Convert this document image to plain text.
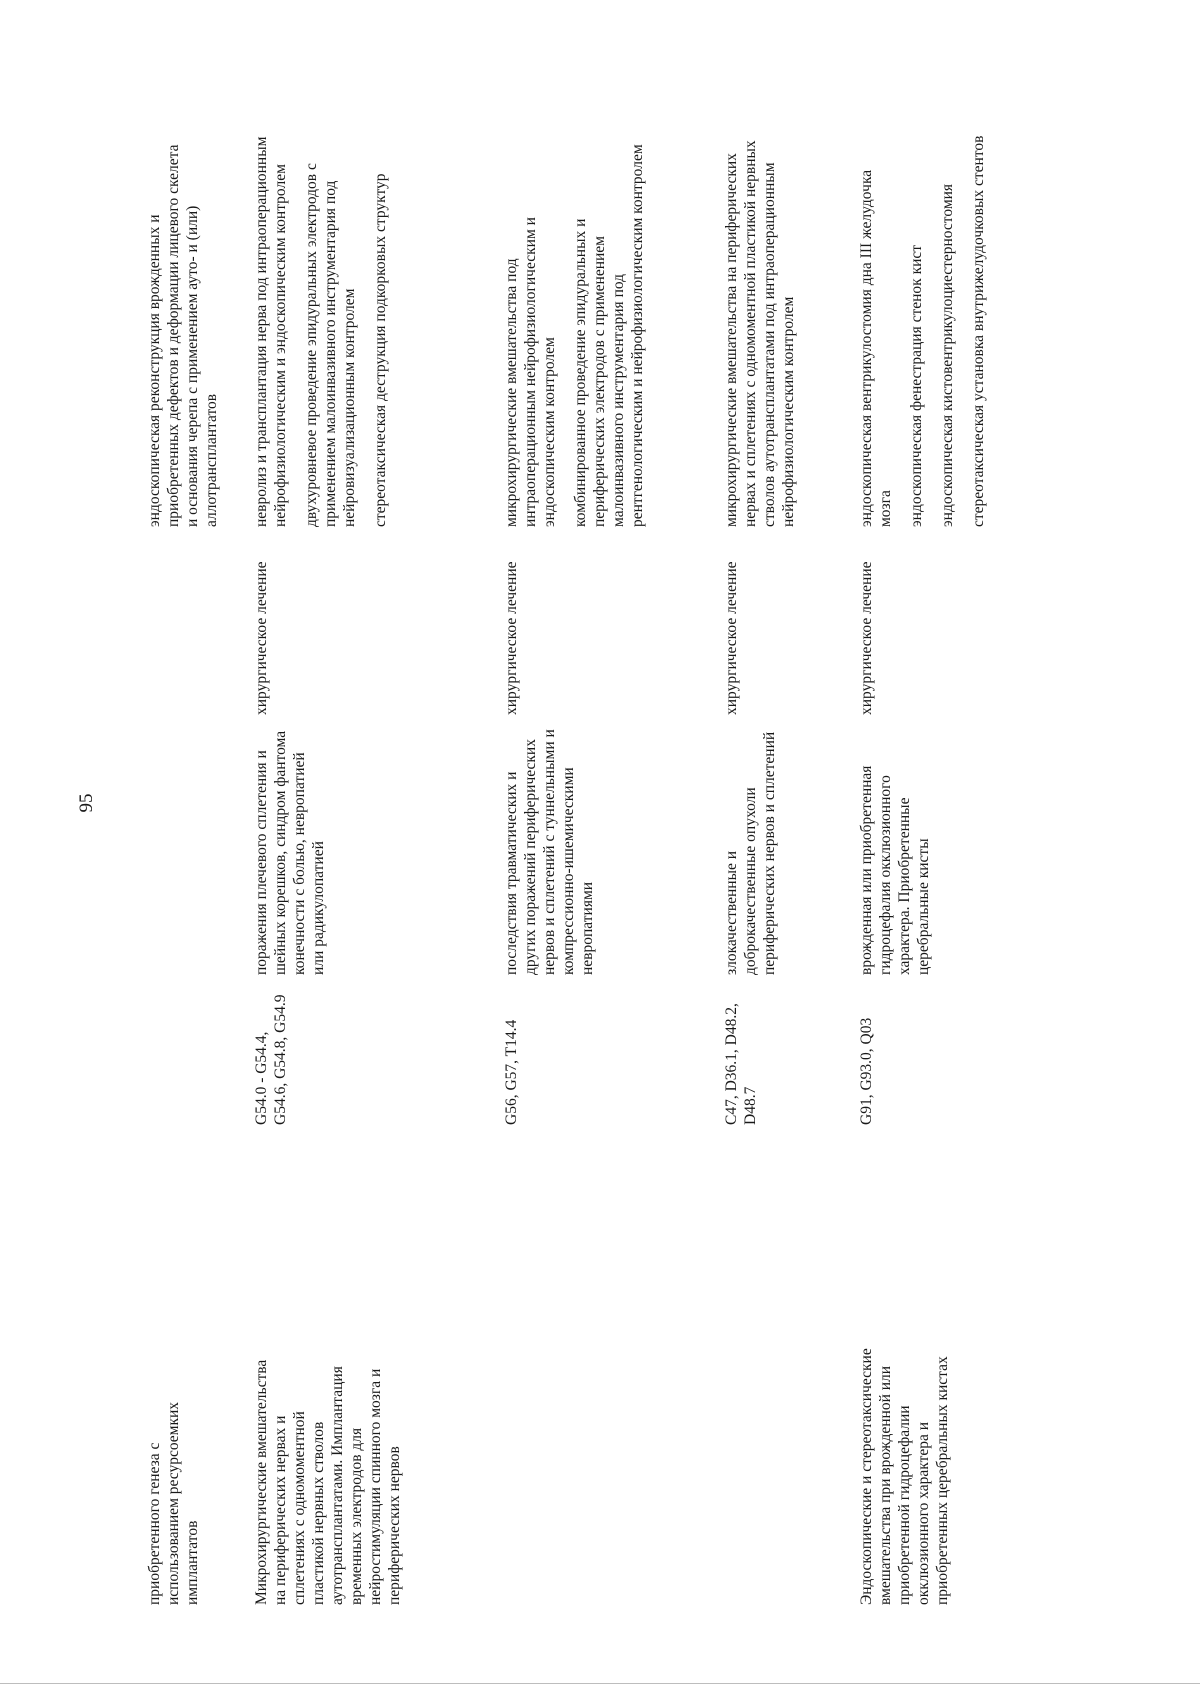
95

приобретенного генеза с использованием ресурсоемких имплантатов

эндоскопическая реконструкция врожденных и приобретенных дефектов и деформации лицевого скелета и основания черепа с применением ауто- и (или) аллотрансплантатов

Микрохирургические вмешательства на периферических нервах и сплетениях с одномоментной пластикой нервных стволов аутотрансплантатами. Имплантация временных электродов для нейростимуляции спинного мозга и периферических нервов

G54.0 - G54.4, G54.6, G54.8, G54.9

поражения плечевого сплетения и шейных корешков, синдром фантома конечности с болью, невропатией или радикулопатией

хирургическое лечение

невролиз и трансплантация нерва под интраоперационным нейрофизиологическим и эндоскопическим контролем двухуровневое проведение эпидуральных электродов с применением малоинвазивного инструментария под нейровизуализационным контролем стереотаксическая деструкция подкорковых структур

G56, G57, T14.4

последствия травматических и других поражений периферических нервов и сплетений с туннельными и компрессионно-ишемическими невропатиями

хирургическое лечение

микрохирургические вмешательства под интраоперационным нейрофизиологическим и эндоскопическим контролем комбинированное проведение эпидуральных и периферических электродов с применением малоинвазивного инструментария под рентгенологическим и нейрофизиологическим контролем

C47, D36.1, D48.2, D48.7

злокачественные и доброкачественные опухоли периферических нервов и сплетений

хирургическое лечение

микрохирургические вмешательства на периферических нервах и сплетениях с одномоментной пластикой нервных стволов аутотрансплантатами под интраоперационным нейрофизиологическим контролем

Эндоскопические и стереотаксические вмешательства при врожденной или приобретенной гидроцефалии окклюзионного характера и приобретенных церебральных кистах

G91, G93.0, Q03

врожденная или приобретенная гидроцефалия окклюзионного характера. Приобретенные церебральные кисты

хирургическое лечение

эндоскопическая вентрикулостомия дна III желудочка мозга эндоскопическая фенестрация стенок кист эндоскопическая кистовентрикулоциестерностомия стереотаксическая установка внутрижелудочковых стентов
